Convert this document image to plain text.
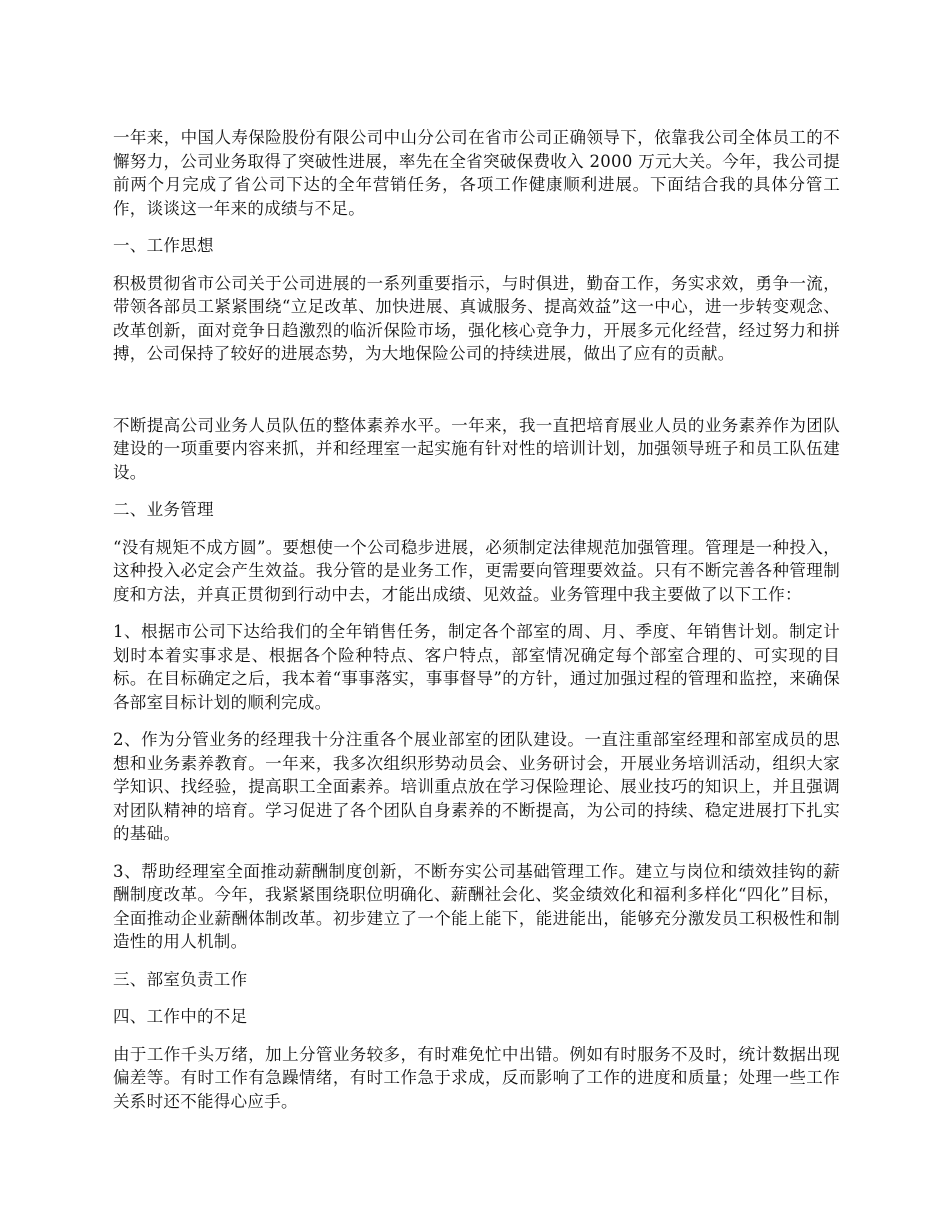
一年来，中国人寿保险股份有限公司中山分公司在省市公司正确领导下，依靠我公司全体员工的不懈努力，公司业务取得了突破性进展，率先在全省突破保费收入 2000 万元大关。今年，我公司提前两个月完成了省公司下达的全年营销任务，各项工作健康顺利进展。下面结合我的具体分管工作，谈谈这一年来的成绩与不足。

一、工作思想

积极贯彻省市公司关于公司进展的一系列重要指示，与时俱进，勤奋工作，务实求效，勇争一流，带领各部员工紧紧围绕“立足改革、加快进展、真诚服务、提高效益”这一中心，进一步转变观念、改革创新，面对竞争日趋激烈的临沂保险市场，强化核心竞争力，开展多元化经营，经过努力和拼搏，公司保持了较好的进展态势，为大地保险公司的持续进展，做出了应有的贡献。

不断提高公司业务人员队伍的整体素养水平。一年来，我一直把培育展业人员的业务素养作为团队建设的一项重要内容来抓，并和经理室一起实施有针对性的培训计划，加强领导班子和员工队伍建设。

二、业务管理

“没有规矩不成方圆”。要想使一个公司稳步进展，必须制定法律规范加强管理。管理是一种投入，这种投入必定会产生效益。我分管的是业务工作，更需要向管理要效益。只有不断完善各种管理制度和方法，并真正贯彻到行动中去，才能出成绩、见效益。业务管理中我主要做了以下工作：

1、根据市公司下达给我们的全年销售任务，制定各个部室的周、月、季度、年销售计划。制定计划时本着实事求是、根据各个险种特点、客户特点，部室情况确定每个部室合理的、可实现的目标。在目标确定之后，我本着“事事落实，事事督导”的方针，通过加强过程的管理和监控，来确保各部室目标计划的顺利完成。

2、作为分管业务的经理我十分注重各个展业部室的团队建设。一直注重部室经理和部室成员的思想和业务素养教育。一年来，我多次组织形势动员会、业务研讨会，开展业务培训活动，组织大家学知识、找经验，提高职工全面素养。培训重点放在学习保险理论、展业技巧的知识上，并且强调对团队精神的培育。学习促进了各个团队自身素养的不断提高，为公司的持续、稳定进展打下扎实的基础。

3、帮助经理室全面推动薪酬制度创新，不断夯实公司基础管理工作。建立与岗位和绩效挂钩的薪酬制度改革。今年，我紧紧围绕职位明确化、薪酬社会化、奖金绩效化和福利多样化“四化”目标，全面推动企业薪酬体制改革。初步建立了一个能上能下，能进能出，能够充分激发员工积极性和制造性的用人机制。

三、部室负责工作

四、工作中的不足

由于工作千头万绪，加上分管业务较多，有时难免忙中出错。例如有时服务不及时，统计数据出现偏差等。有时工作有急躁情绪，有时工作急于求成，反而影响了工作的进度和质量；处理一些工作关系时还不能得心应手。
